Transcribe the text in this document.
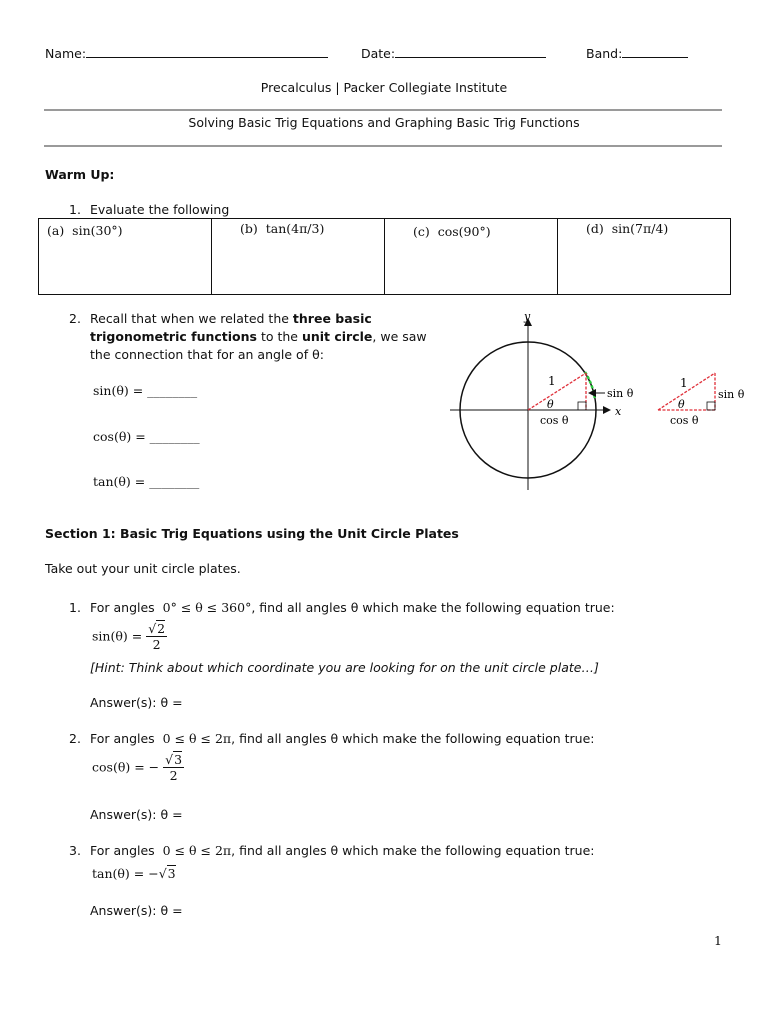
Name:	Date:	Band:
Precalculus | Packer Collegiate Institute
Solving Basic Trig Equations and Graphing Basic Trig Functions
Warm Up:
1. Evaluate the following
(a) sin(30°)	(b) tan(4π/3)	(c) cos(90°)	(d) sin(7π/4)
2. Recall that when we related the three basic
trigonometric functions to the unit circle, we saw
the connection that for an angle of θ:
sin(θ) = ________
cos(θ) = ________
tan(θ) = ________
y
x
1
θ
sin θ
cos θ
1
θ
sin θ
cos θ
Section 1: Basic Trig Equations using the Unit Circle Plates
Take out your unit circle plates.
1. For angles 0° ≤ θ ≤ 360°, find all angles θ which make the following equation true:
$\sin(\theta) = \frac{√2}{2}$
[Hint: Think about which coordinate you are looking for on the unit circle plate…]
Answer(s): θ =
2. For angles 0 ≤ θ ≤ 2π, find all angles θ which make the following equation true:
cos(θ) = − $\frac{√3}{2}$
Answer(s): θ =
3. For angles 0 ≤ θ ≤ 2π, find all angles θ which make the following equation true:
tan(θ) = −√3
Answer(s): θ =
1
